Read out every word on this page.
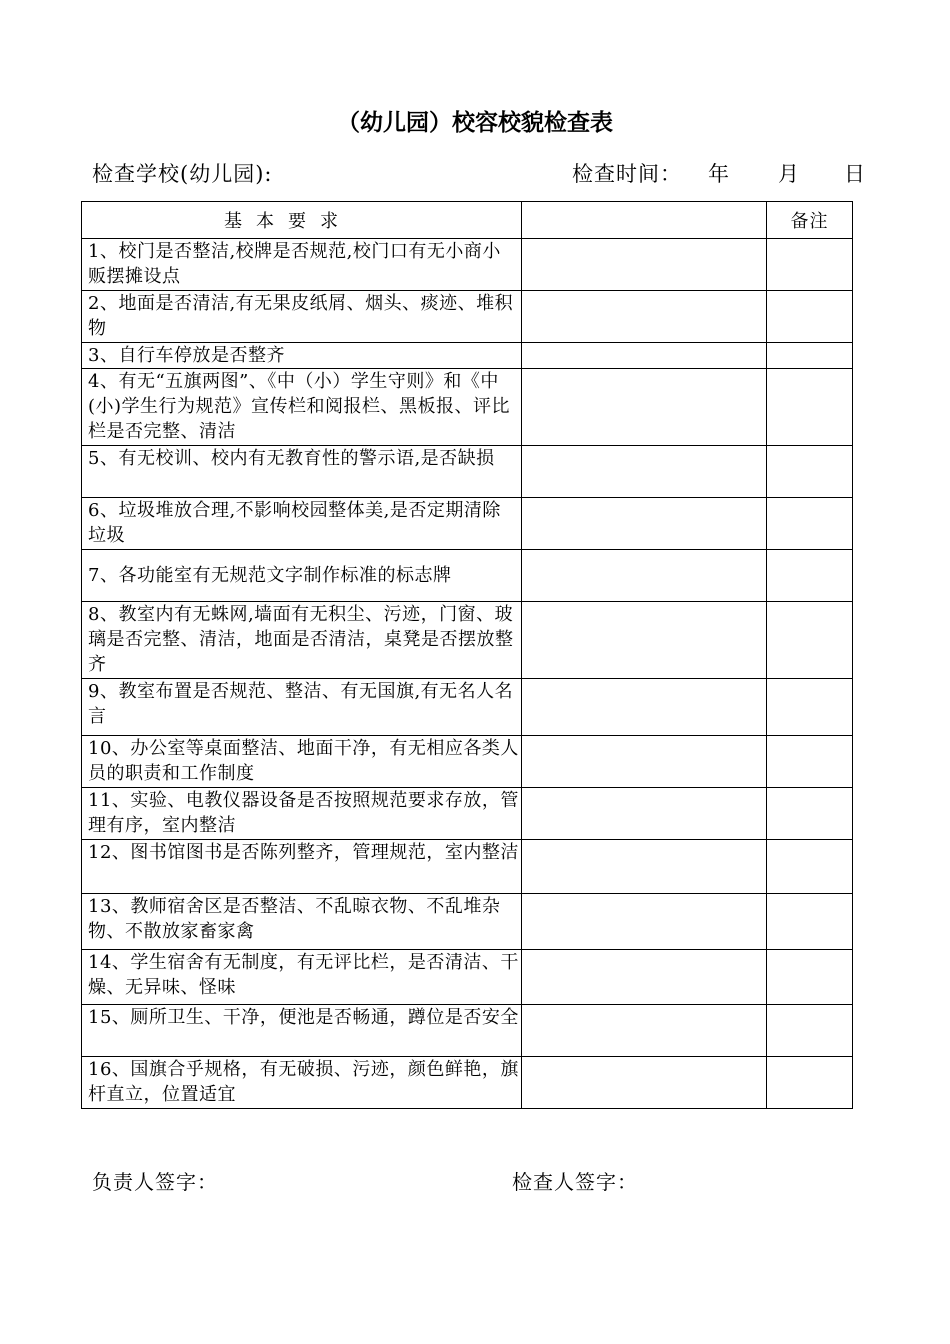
（幼儿园）校容校貌检查表
检查学校(幼儿园):	检查时间： 年 月 日
基本要求		备注
1、校门是否整洁,校牌是否规范,校门口有无小商小贩摆摊设点		
2、地面是否清洁,有无果皮纸屑、烟头、痰迹、堆积物		
3、自行车停放是否整齐		
4、有无“五旗两图”、《中（小）学生守则》和《中(小)学生行为规范》宣传栏和阅报栏、黑板报、评比栏是否完整、清洁		
5、有无校训、校内有无教育性的警示语,是否缺损		
6、垃圾堆放合理,不影响校园整体美,是否定期清除垃圾		
7、各功能室有无规范文字制作标准的标志牌		
8、教室内有无蛛网,墙面有无积尘、污迹，门窗、玻璃是否完整、清洁，地面是否清洁，桌凳是否摆放整齐		
9、教室布置是否规范、整洁、有无国旗,有无名人名言		
10、办公室等桌面整洁、地面干净，有无相应各类人员的职责和工作制度		
11、实验、电教仪器设备是否按照规范要求存放，管理有序，室内整洁		
12、图书馆图书是否陈列整齐，管理规范，室内整洁		
13、教师宿舍区是否整洁、不乱晾衣物、不乱堆杂物、不散放家畜家禽		
14、学生宿舍有无制度，有无评比栏，是否清洁、干燥、无异味、怪味		
15、厕所卫生、干净，便池是否畅通，蹲位是否安全		
16、国旗合乎规格，有无破损、污迹，颜色鲜艳，旗杆直立，位置适宜		
负责人签字：	检查人签字：
